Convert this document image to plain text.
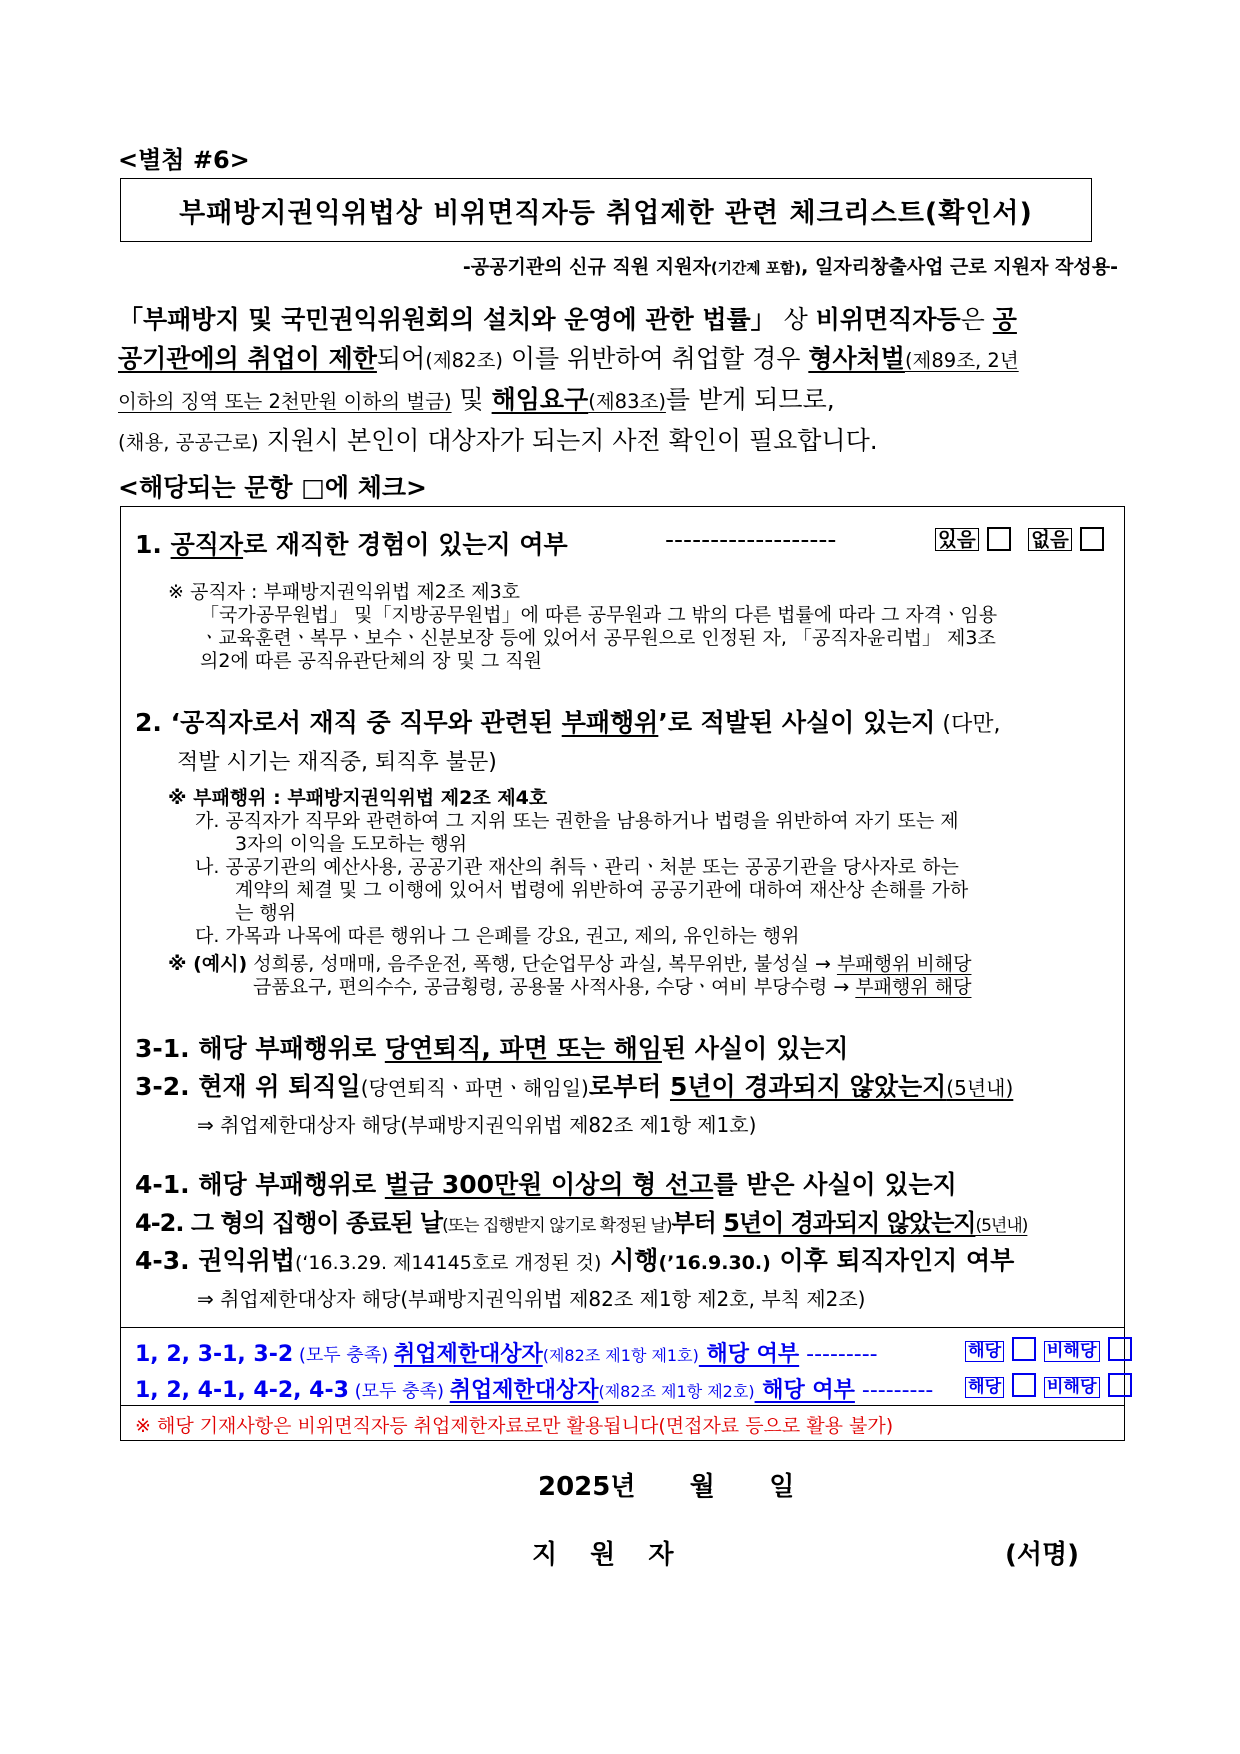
<별첨 #6>
부패방지권익위법상 비위면직자등 취업제한 관련 체크리스트(확인서)
-공공기관의 신규 직원 지원자(기간제 포함), 일자리창출사업 근로 지원자 작성용-

「부패방지 및 국민권익위원회의 설치와 운영에 관한 법률」 상 비위면직자등은 공

공기관에의 취업이 제한되어(제82조) 이를 위반하여 취업할 경우 형사처벌(제89조, 2년

이하의 징역 또는 2천만원 이하의 벌금) 및 해임요구(제83조)를 받게 되므로,

(채용, 공공근로) 지원시 본인이 대상자가 되는지 사전 확인이 필요합니다.

<해당되는 문항 □에 체크>
1. 공직자로 재직한 경험이 있는지 여부	-------------------	있음	없음
※ 공직자 : 부패방지권익위법 제2조 제3호
「국가공무원법」 및「지방공무원법」에 따른 공무원과 그 밖의 다른 법률에 따라 그 자격ㆍ임용
ㆍ교육훈련ㆍ복무ㆍ보수ㆍ신분보장 등에 있어서 공무원으로 인정된 자, 「공직자윤리법」 제3조
의2에 따른 공직유관단체의 장 및 그 직원
2. ‘공직자로서 재직 중 직무와 관련된 부패행위’로 적발된 사실이 있는지 (다만,
적발 시기는 재직중, 퇴직후 불문)
※ 부패행위 : 부패방지권익위법 제2조 제4호
가. 공직자가 직무와 관련하여 그 지위 또는 권한을 남용하거나 법령을 위반하여 자기 또는 제
3자의 이익을 도모하는 행위
나. 공공기관의 예산사용, 공공기관 재산의 취득ㆍ관리ㆍ처분 또는 공공기관을 당사자로 하는
계약의 체결 및 그 이행에 있어서 법령에 위반하여 공공기관에 대하여 재산상 손해를 가하
는 행위
다. 가목과 나목에 따른 행위나 그 은폐를 강요, 권고, 제의, 유인하는 행위
※ (예시) 성희롱, 성매매, 음주운전, 폭행, 단순업무상 과실, 복무위반, 불성실 → 부패행위 비해당
금품요구, 편의수수, 공금횡령, 공용물 사적사용, 수당ㆍ여비 부당수령 → 부패행위 해당
3-1. 해당 부패행위로 당연퇴직, 파면 또는 해임된 사실이 있는지
3-2. 현재 위 퇴직일(당연퇴직ㆍ파면ㆍ해임일)로부터 5년이 경과되지 않았는지(5년내)
⇒ 취업제한대상자 해당(부패방지권익위법 제82조 제1항 제1호)
4-1. 해당 부패행위로 벌금 300만원 이상의 형 선고를 받은 사실이 있는지
4-2. 그 형의 집행이 종료된 날(또는 집행받지 않기로 확정된 날)부터 5년이 경과되지 않았는지(5년내)
4-3. 권익위법(‘16.3.29. 제14145호로 개정된 것) 시행(’16.9.30.) 이후 퇴직자인지 여부
⇒ 취업제한대상자 해당(부패방지권익위법 제82조 제1항 제2호, 부칙 제2조)
1, 2, 3-1, 3-2 (모두 충족) 취업제한대상자(제82조 제1항 제1호) 해당 여부 ---------	해당	비해당
1, 2, 4-1, 4-2, 4-3 (모두 충족) 취업제한대상자(제82조 제1항 제2호) 해당 여부 --------- 해당	비해당
※ 해당 기재사항은 비위면직자등 취업제한자료로만 활용됩니다(면접자료 등으로 활용 불가)
2025년      월      일
지 원 자	(서명)
